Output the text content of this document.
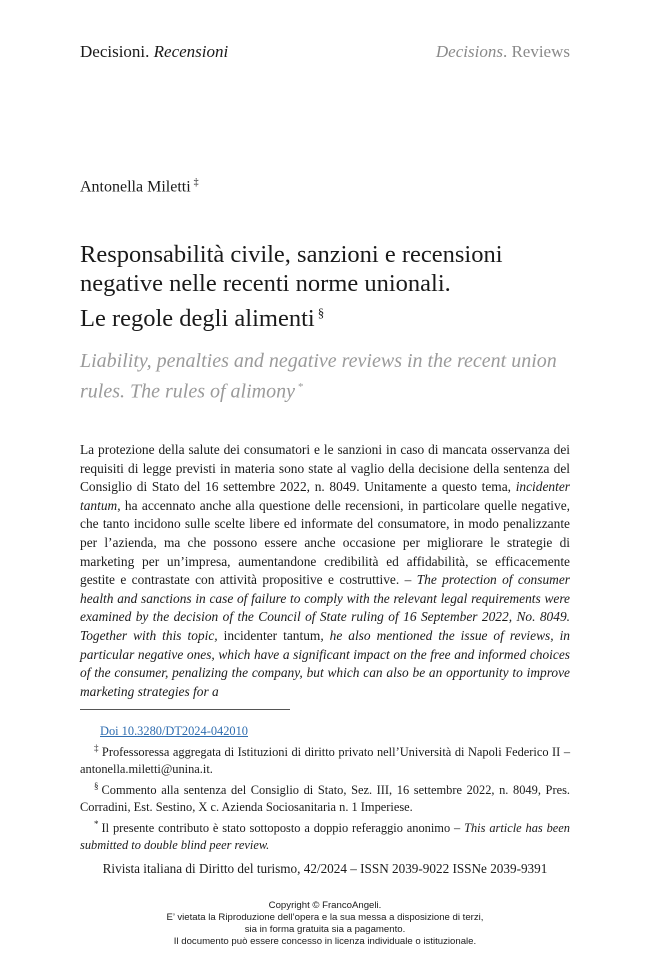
Decisioni. Recensioni	Decisions. Reviews
Antonella Miletti ‡
Responsabilità civile, sanzioni e recensioni
negative nelle recenti norme unionali.
Le regole degli alimenti §
Liability, penalties and negative reviews in the recent union
rules. The rules of alimony *
La protezione della salute dei consumatori e le sanzioni in caso di mancata osservanza dei requisiti di legge previsti in materia sono state al vaglio della decisione della sentenza del Consiglio di Stato del 16 settembre 2022, n. 8049. Unitamente a questo tema, incidenter tantum, ha accennato anche alla questione delle recensioni, in particolare quelle negative, che tanto incidono sulle scelte libere ed informate del consumatore, in modo penalizzante per l’azienda, ma che possono essere anche occasione per migliorare le strategie di marketing per un’impresa, aumentandone credibilità ed affidabilità, se efficacemente gestite e contrastate con attività propositive e costruttive. – The protection of consumer health and sanctions in case of failure to comply with the relevant legal requirements were examined by the decision of the Council of State ruling of 16 September 2022, No. 8049. Together with this topic, incidenter tantum, he also mentioned the issue of reviews, in particular negative ones, which have a significant impact on the free and informed choices of the consumer, penalizing the company, but which can also be an opportunity to improve marketing strategies for a

Doi 10.3280/DT2024-042010

‡ Professoressa aggregata di Istituzioni di diritto privato nell’Università di Napoli Federico II – antonella.miletti@unina.it.

§ Commento alla sentenza del Consiglio di Stato, Sez. III, 16 settembre 2022, n. 8049, Pres. Corradini, Est. Sestino, X c. Azienda Sociosanitaria n. 1 Imperiese.

* Il presente contributo è stato sottoposto a doppio referaggio anonimo – This article has been submitted to double blind peer review.

Rivista italiana di Diritto del turismo, 42/2024 – ISSN 2039-9022 ISSNe 2039-9391
Copyright © FrancoAngeli.
E’ vietata la Riproduzione dell’opera e la sua messa a disposizione di terzi,
sia in forma gratuita sia a pagamento.
Il documento può essere concesso in licenza individuale o istituzionale.
